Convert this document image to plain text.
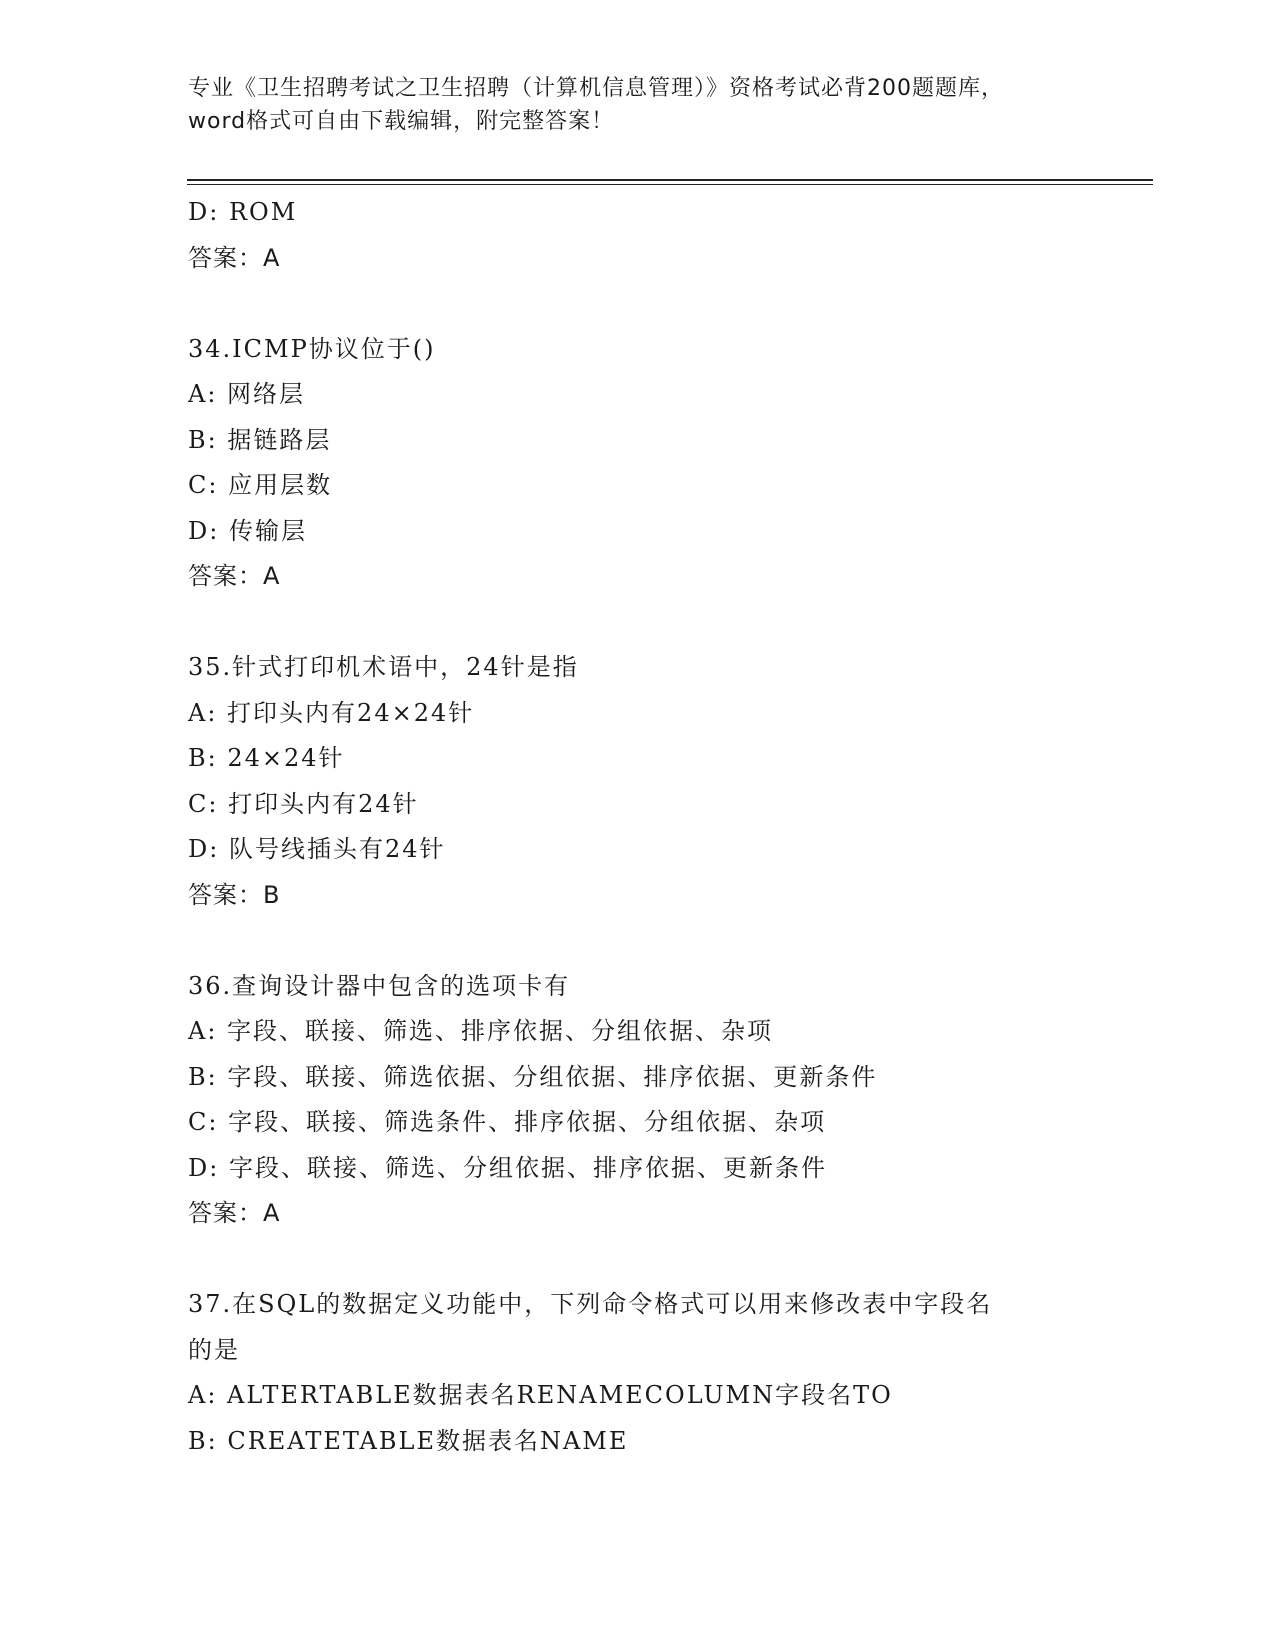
专业《卫生招聘考试之卫生招聘（计算机信息管理）》资格考试必背200题题库，
word格式可自由下载编辑，附完整答案！
D: ROM
答案：A
34.ICMP协议位于()
A: 网络层
B: 据链路层
C: 应用层数
D: 传输层
答案：A
35.针式打印机术语中，24针是指
A: 打印头内有24×24针
B: 24×24针
C: 打印头内有24针
D: 队号线插头有24针
答案：B
36.查询设计器中包含的选项卡有
A: 字段、联接、筛选、排序依据、分组依据、杂项
B: 字段、联接、筛选依据、分组依据、排序依据、更新条件
C: 字段、联接、筛选条件、排序依据、分组依据、杂项
D: 字段、联接、筛选、分组依据、排序依据、更新条件
答案：A
37.在SQL的数据定义功能中，下列命令格式可以用来修改表中字段名
的是
A: ALTERTABLE数据表名RENAMECOLUMN字段名TO
B: CREATETABLE数据表名NAME
